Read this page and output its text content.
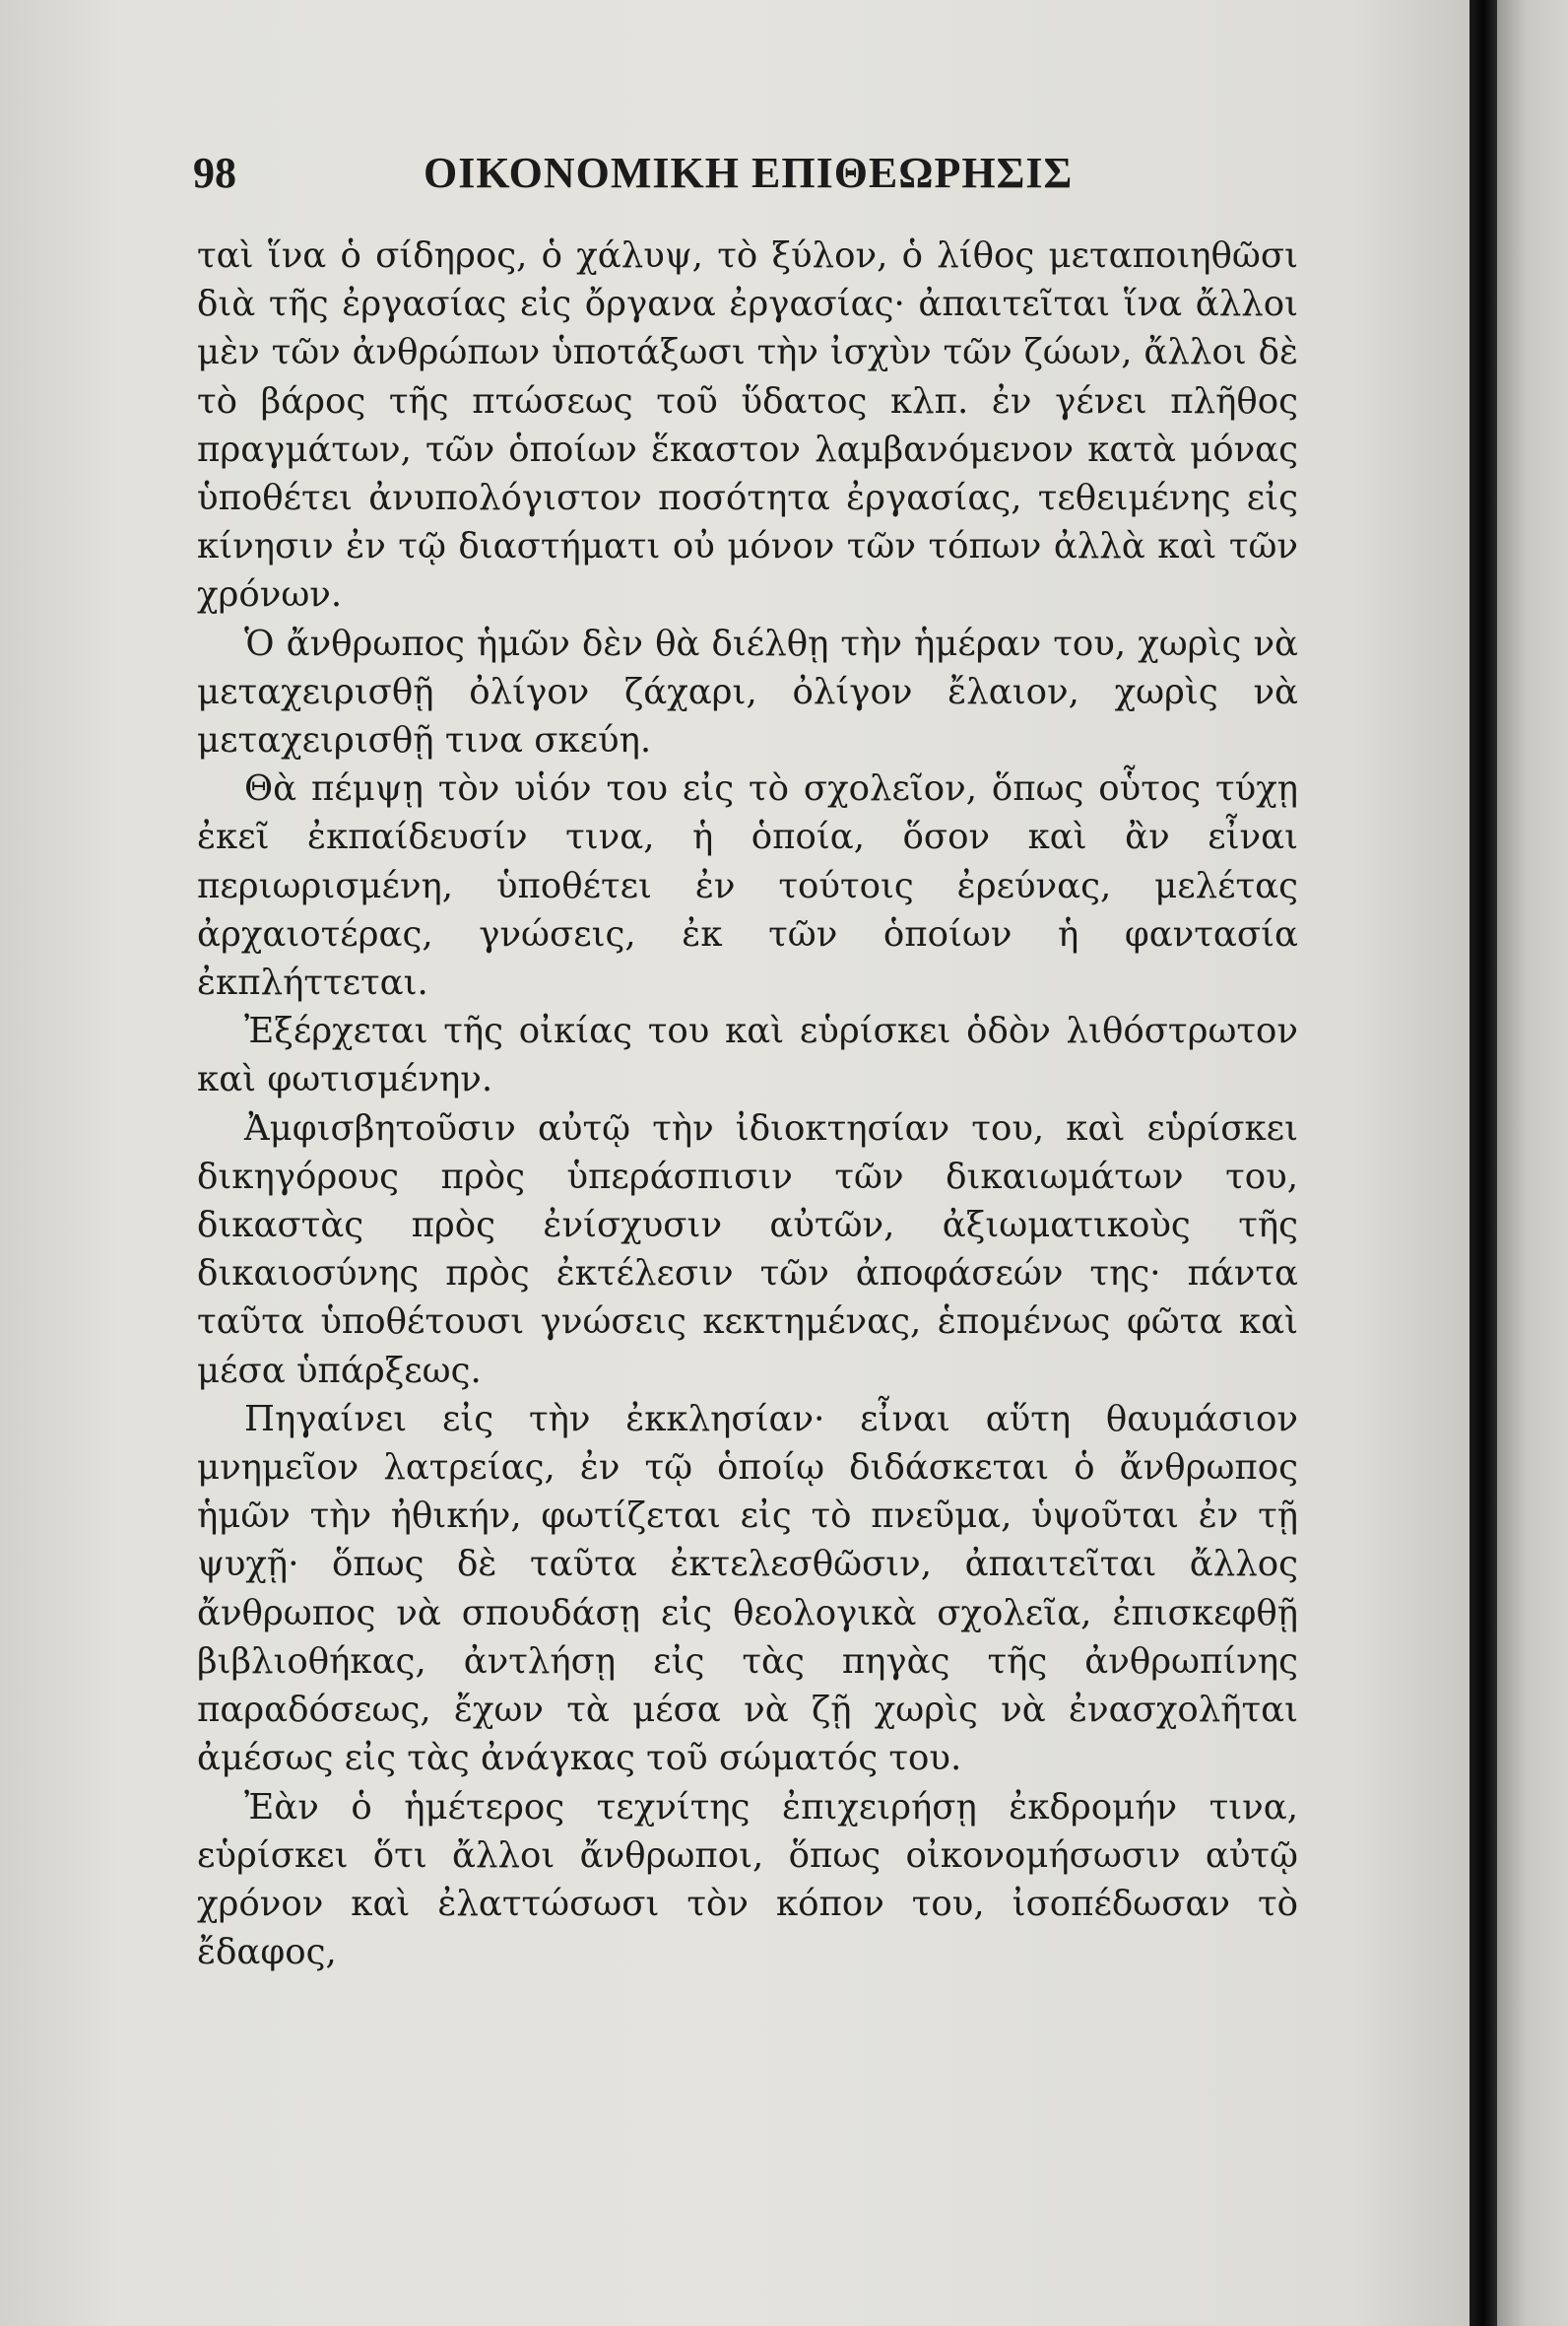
98	ΟΙΚΟΝΟΜΙΚΗ ΕΠΙΘΕΩΡΗΣΙΣ

ταὶ ἵνα ὁ σίδηρος, ὁ χάλυψ, τὸ ξύλον, ὁ λίθος μεταποιηθῶσι διὰ τῆς ἐργασίας εἰς ὄργανα ἐργασίας· ἀπαιτεῖται ἵνα ἄλλοι μὲν τῶν ἀνθρώπων ὑποτάξωσι τὴν ἰσχὺν τῶν ζώων, ἄλλοι δὲ τὸ βάρος τῆς πτώσεως τοῦ ὕδατος κλπ. ἐν γένει πλῆθος πραγμάτων, τῶν ὁποίων ἕκαστον λαμβανόμενον κατὰ μόνας ὑποθέτει ἀνυπολόγιστον ποσότητα ἐργασίας, τεθειμένης εἰς κίνησιν ἐν τῷ διαστήματι οὐ μόνον τῶν τόπων ἀλλὰ καὶ τῶν χρόνων.

Ὁ ἄνθρωπος ἡμῶν δὲν θὰ διέλθῃ τὴν ἡμέραν του, χωρὶς νὰ μεταχειρισθῇ ὀλίγον ζάχαρι, ὀλίγον ἔλαιον, χωρὶς νὰ μεταχειρισθῇ τινα σκεύη.

Θὰ πέμψῃ τὸν υἱόν του εἰς τὸ σχολεῖον, ὅπως οὗτος τύχῃ ἐκεῖ ἐκπαίδευσίν τινα, ἡ ὁποία, ὅσον καὶ ἂν εἶναι περιωρισμένη, ὑποθέτει ἐν τούτοις ἐρεύνας, μελέτας ἀρχαιοτέρας, γνώσεις, ἐκ τῶν ὁποίων ἡ φαντασία ἐκπλήττεται.

Ἐξέρχεται τῆς οἰκίας του καὶ εὑρίσκει ὁδὸν λιθόστρωτον καὶ φωτισμένην.

Ἀμφισβητοῦσιν αὐτῷ τὴν ἰδιοκτησίαν του, καὶ εὑρίσκει δικηγόρους πρὸς ὑπεράσπισιν τῶν δικαιωμάτων του, δικαστὰς πρὸς ἐνίσχυσιν αὐτῶν, ἀξιωματικοὺς τῆς δικαιοσύνης πρὸς ἐκτέλεσιν τῶν ἀποφάσεών της· πάντα ταῦτα ὑποθέτουσι γνώσεις κεκτημένας, ἑπομένως φῶτα καὶ μέσα ὑπάρξεως.

Πηγαίνει εἰς τὴν ἐκκλησίαν· εἶναι αὕτη θαυμάσιον μνημεῖον λατρείας, ἐν τῷ ὁποίῳ διδάσκεται ὁ ἄνθρωπος ἡμῶν τὴν ἠθικήν, φωτίζεται εἰς τὸ πνεῦμα, ὑψοῦται ἐν τῇ ψυχῇ· ὅπως δὲ ταῦτα ἐκτελεσθῶσιν, ἀπαιτεῖται ἄλλος ἄνθρωπος νὰ σπουδάσῃ εἰς θεολογικὰ σχολεῖα, ἐπισκεφθῇ βιβλιοθήκας, ἀντλήσῃ εἰς τὰς πηγὰς τῆς ἀνθρωπίνης παραδόσεως, ἔχων τὰ μέσα νὰ ζῇ χωρὶς νὰ ἐνασχολῆται ἀμέσως εἰς τὰς ἀνάγκας τοῦ σώματός του.

Ἐὰν ὁ ἡμέτερος τεχνίτης ἐπιχειρήσῃ ἐκδρομήν τινα, εὑρίσκει ὅτι ἄλλοι ἄνθρωποι, ὅπως οἰκονομήσωσιν αὐτῷ χρόνον καὶ ἐλαττώσωσι τὸν κόπον του, ἰσοπέδωσαν τὸ ἔδαφος,
